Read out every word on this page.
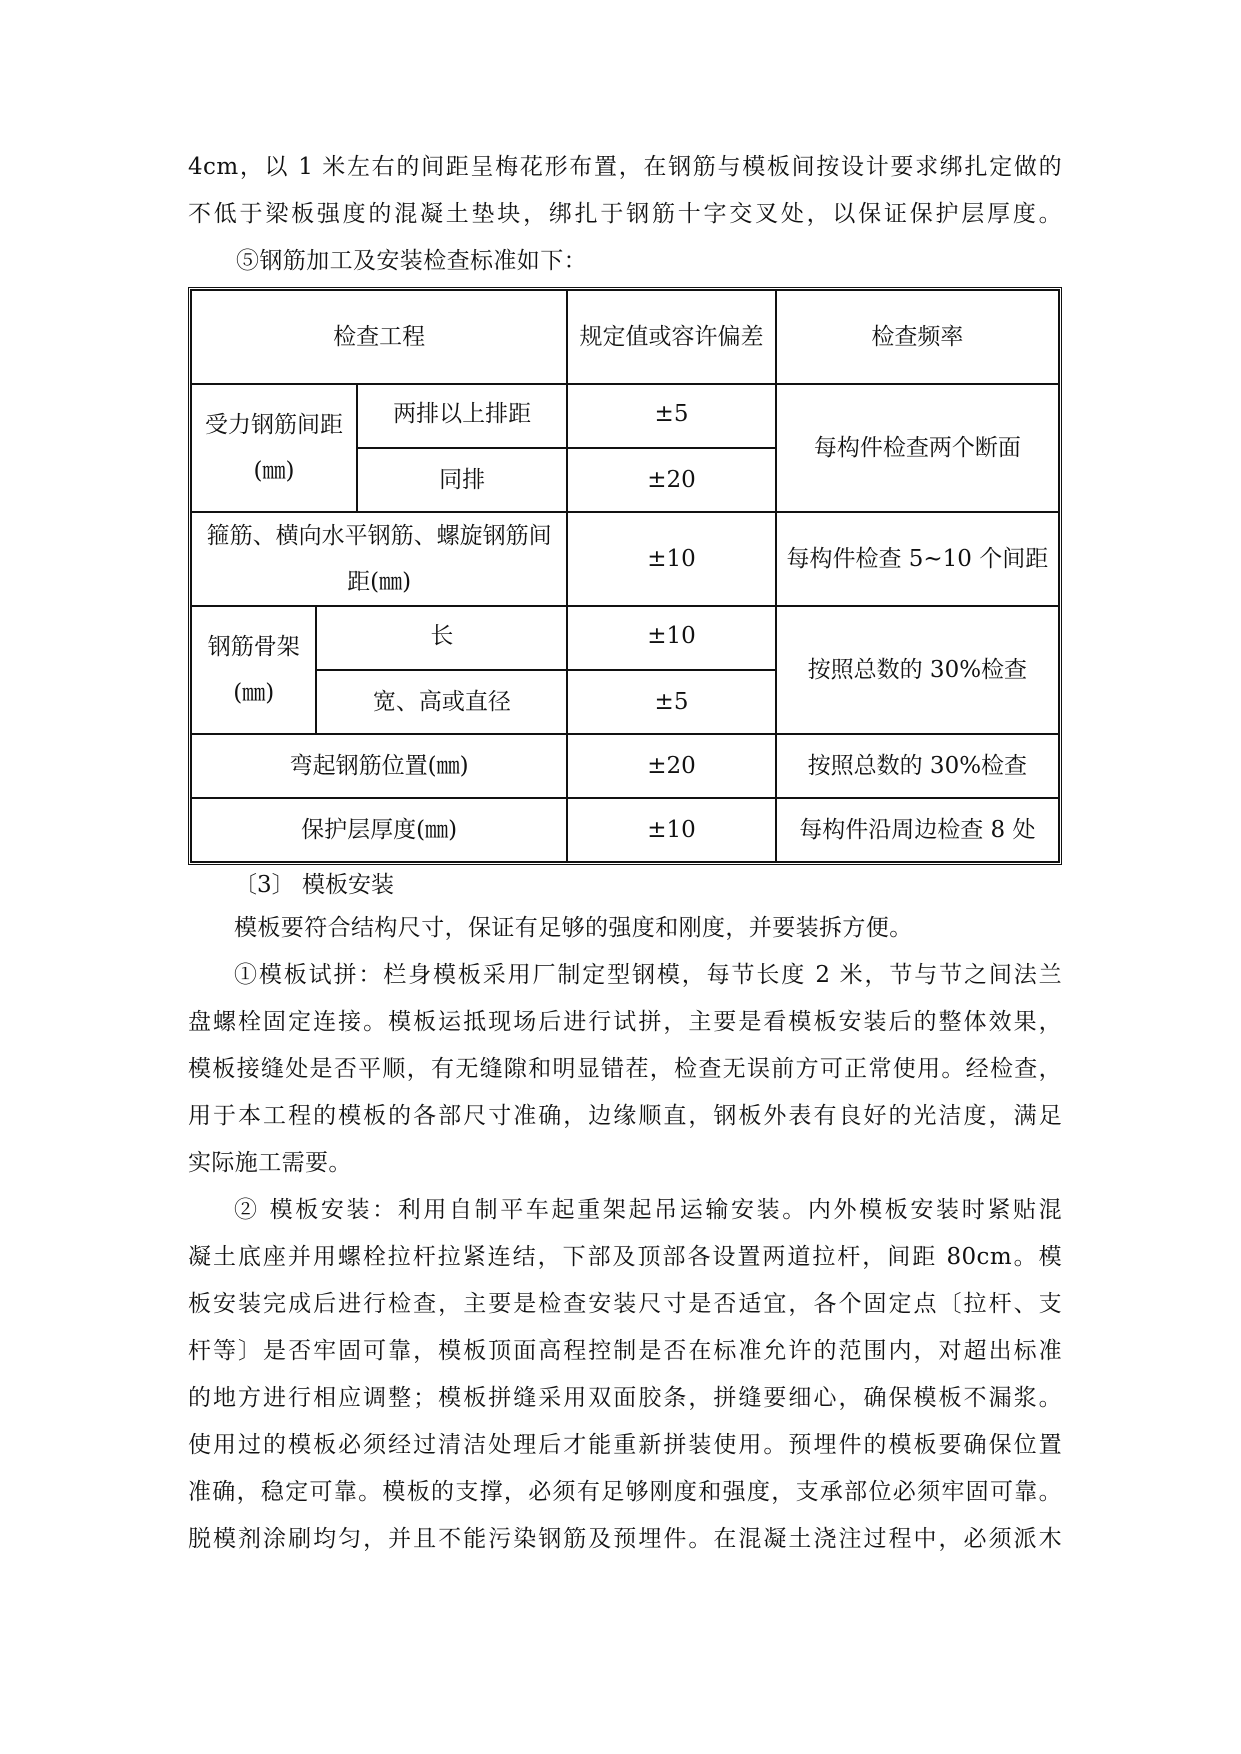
4cm，以 1 米左右的间距呈梅花形布置，在钢筋与模板间按设计要求绑扎定做的
不低于梁板强度的混凝土垫块，绑扎于钢筋十字交叉处，以保证保护层厚度。
⑤钢筋加工及安装检查标准如下：
检查工程			规定值或容许偏差	检查频率
受力钢筋间距(㎜)		两排以上排距	±5	每构件检查两个断面
		同排	±20	
箍筋、横向水平钢筋、螺旋钢筋间距(㎜)			±10	每构件检查 5~10 个间距
钢筋骨架(㎜)	长		±10	按照总数的 30%检查
	宽、高或直径		±5	
弯起钢筋位置(㎜)			±20	按照总数的 30%检查
保护层厚度(㎜)			±10	每构件沿周边检查 8 处
〔3〕 模板安装
模板要符合结构尺寸，保证有足够的强度和刚度，并要装拆方便。
①模板试拼：栏身模板采用厂制定型钢模，每节长度 2 米，节与节之间法兰
盘螺栓固定连接。模板运抵现场后进行试拼，主要是看模板安装后的整体效果，
模板接缝处是否平顺，有无缝隙和明显错茬，检查无误前方可正常使用。经检查，
用于本工程的模板的各部尺寸准确，边缘顺直，钢板外表有良好的光洁度，满足
实际施工需要。
② 模板安装：利用自制平车起重架起吊运输安装。内外模板安装时紧贴混
凝土底座并用螺栓拉杆拉紧连结，下部及顶部各设置两道拉杆，间距 80cm。模
板安装完成后进行检查，主要是检查安装尺寸是否适宜，各个固定点〔拉杆、支
杆等〕是否牢固可靠，模板顶面高程控制是否在标准允许的范围内，对超出标准
的地方进行相应调整；模板拼缝采用双面胶条，拼缝要细心，确保模板不漏浆。
使用过的模板必须经过清洁处理后才能重新拼装使用。预埋件的模板要确保位置
准确，稳定可靠。模板的支撑，必须有足够刚度和强度，支承部位必须牢固可靠。
脱模剂涂刷均匀，并且不能污染钢筋及预埋件。在混凝土浇注过程中，必须派木
